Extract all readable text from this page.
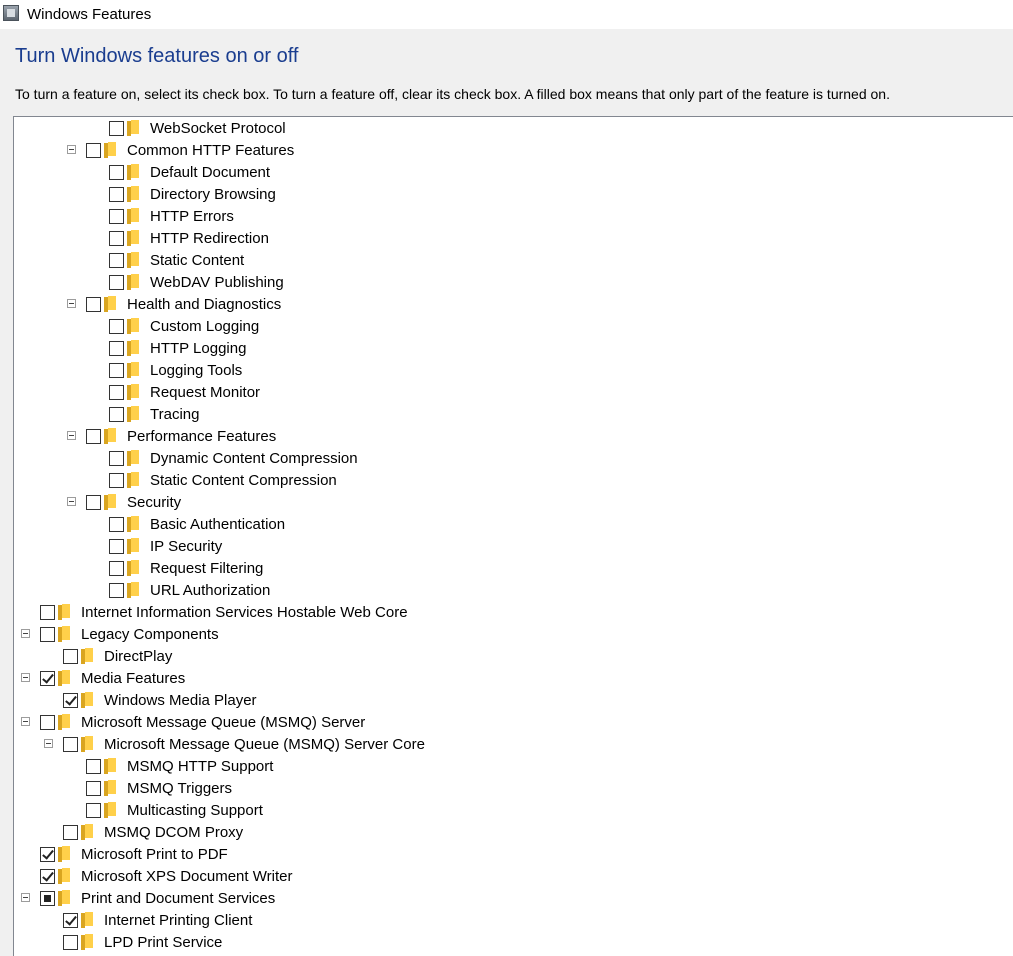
Windows Features
Turn Windows features on or off
To turn a feature on, select its check box. To turn a feature off, clear its check box. A filled box means that only part of the feature is turned on.
WebSocket Protocol
Common HTTP Features
Default Document
Directory Browsing
HTTP Errors
HTTP Redirection
Static Content
WebDAV Publishing
Health and Diagnostics
Custom Logging
HTTP Logging
Logging Tools
Request Monitor
Tracing
Performance Features
Dynamic Content Compression
Static Content Compression
Security
Basic Authentication
IP Security
Request Filtering
URL Authorization
Internet Information Services Hostable Web Core
Legacy Components
DirectPlay
Media Features
Windows Media Player
Microsoft Message Queue (MSMQ) Server
Microsoft Message Queue (MSMQ) Server Core
MSMQ HTTP Support
MSMQ Triggers
Multicasting Support
MSMQ DCOM Proxy
Microsoft Print to PDF
Microsoft XPS Document Writer
Print and Document Services
Internet Printing Client
LPD Print Service
